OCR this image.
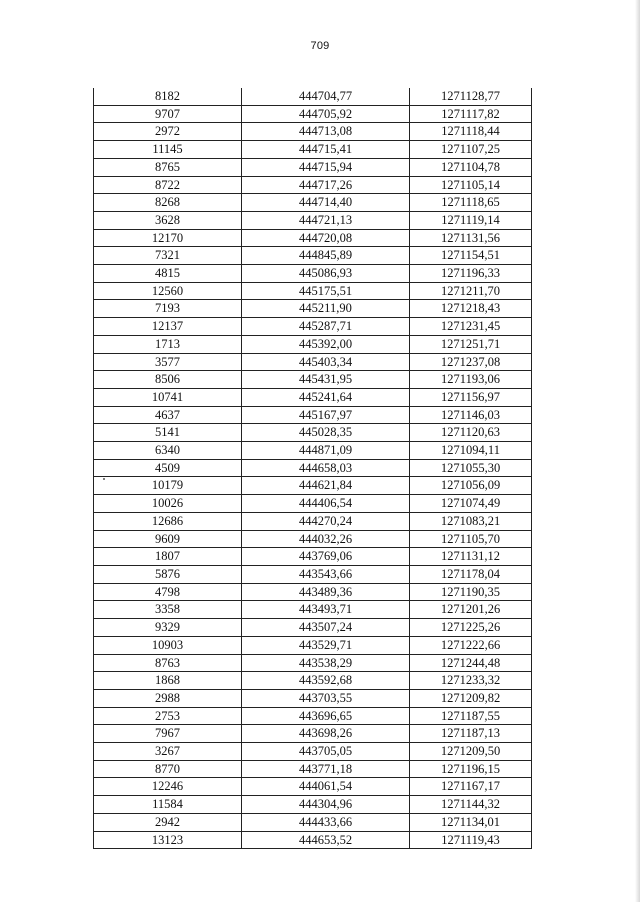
709
8182	444704,77	1271128,77
9707	444705,92	1271117,82
2972	444713,08	1271118,44
11145	444715,41	1271107,25
8765	444715,94	1271104,78
8722	444717,26	1271105,14
8268	444714,40	1271118,65
3628	444721,13	1271119,14
12170	444720,08	1271131,56
7321	444845,89	1271154,51
4815	445086,93	1271196,33
12560	445175,51	1271211,70
7193	445211,90	1271218,43
12137	445287,71	1271231,45
1713	445392,00	1271251,71
3577	445403,34	1271237,08
8506	445431,95	1271193,06
10741	445241,64	1271156,97
4637	445167,97	1271146,03
5141	445028,35	1271120,63
6340	444871,09	1271094,11
4509	444658,03	1271055,30
10179	444621,84	1271056,09
10026	444406,54	1271074,49
12686	444270,24	1271083,21
9609	444032,26	1271105,70
1807	443769,06	1271131,12
5876	443543,66	1271178,04
4798	443489,36	1271190,35
3358	443493,71	1271201,26
9329	443507,24	1271225,26
10903	443529,71	1271222,66
8763	443538,29	1271244,48
1868	443592,68	1271233,32
2988	443703,55	1271209,82
2753	443696,65	1271187,55
7967	443698,26	1271187,13
3267	443705,05	1271209,50
8770	443771,18	1271196,15
12246	444061,54	1271167,17
11584	444304,96	1271144,32
2942	444433,66	1271134,01
13123	444653,52	1271119,43
